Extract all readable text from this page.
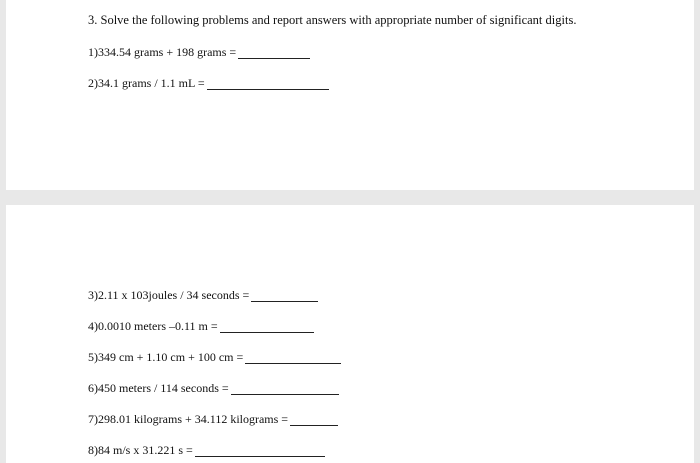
3. Solve the following problems and report answers with appropriate number of significant digits.
1)334.54 grams + 198 grams =
2)34.1 grams / 1.1 mL =
3)2.11 x 103joules / 34 seconds =
4)0.0010 meters –0.11 m =
5)349 cm + 1.10 cm + 100 cm =
6)450 meters / 114 seconds =
7)298.01 kilograms + 34.112 kilograms =
8)84 m/s x 31.221 s =
